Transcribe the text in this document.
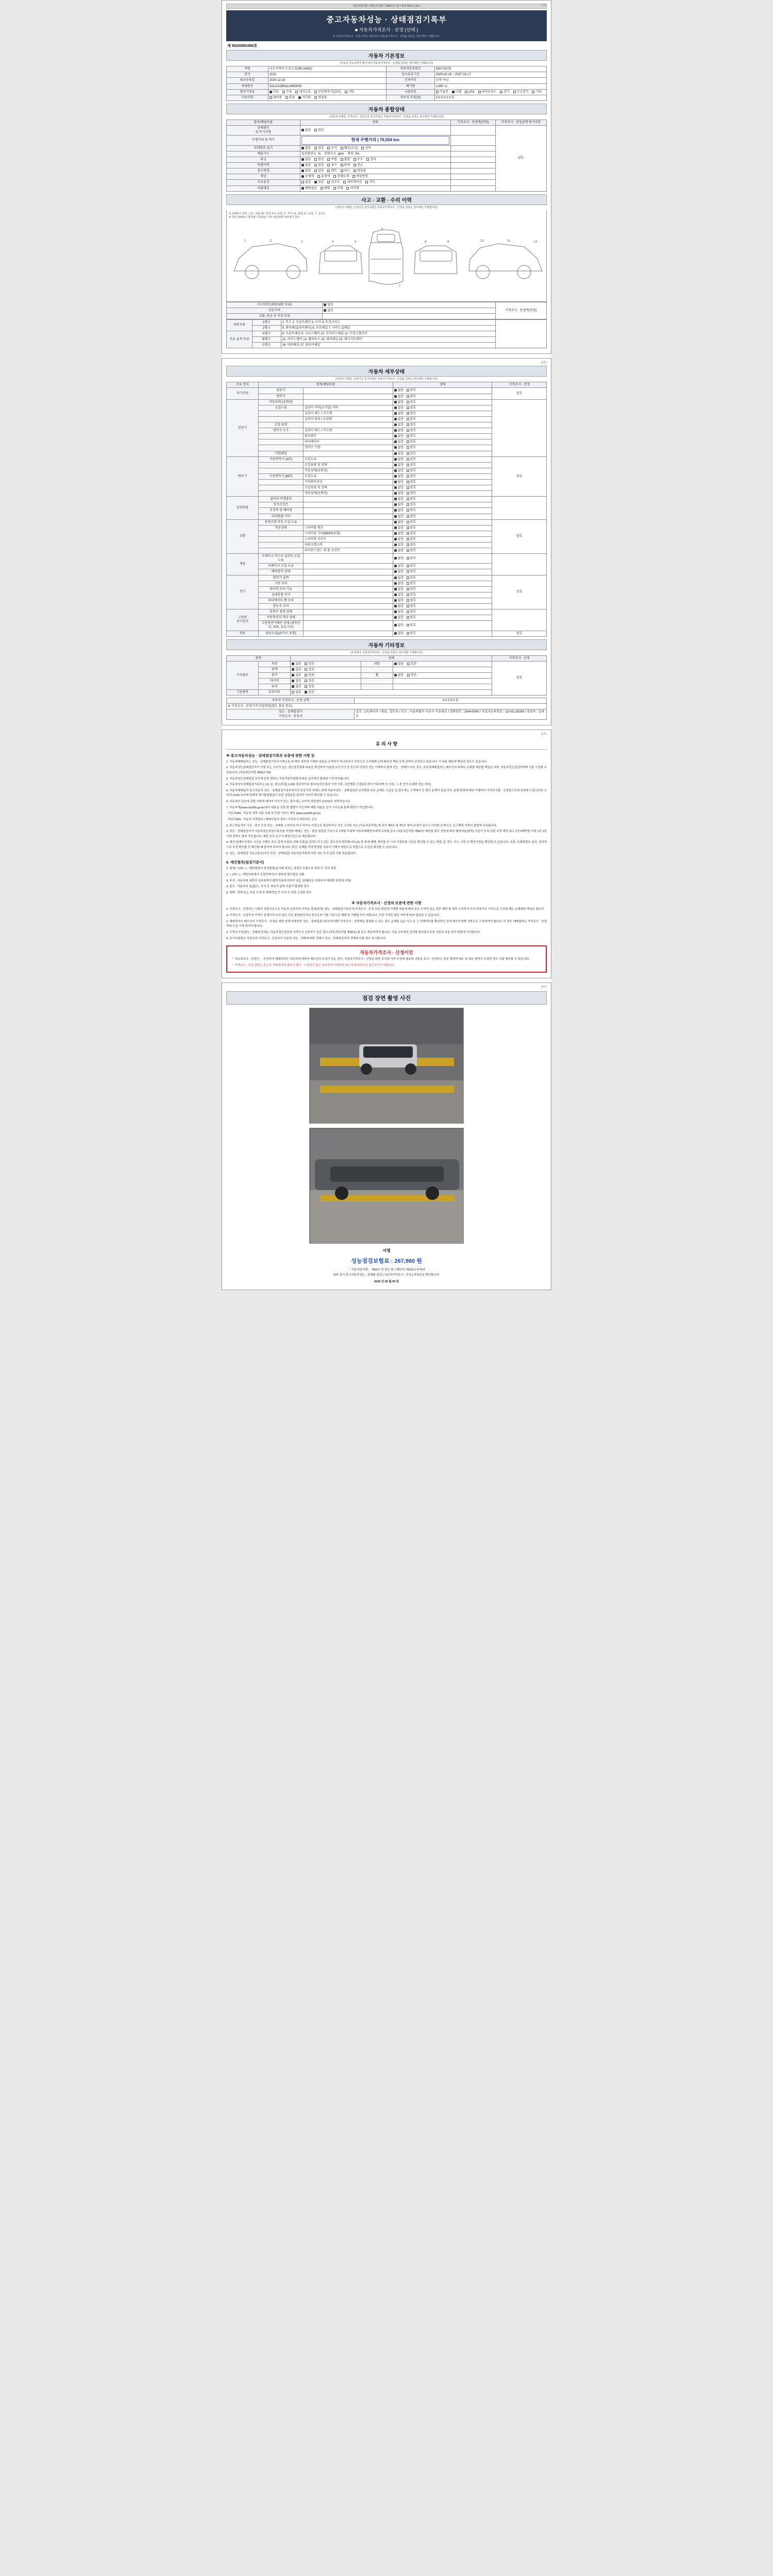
자동차관리법 시행규칙 [별지 제82호서식] <개정 2021.1.14.>	(1쪽)
중고자동차성능 · 상태점검기록부
■ 자동차가격조사 · 산정 (선택 )
※ 자동차가격조사 · 산정 여부는 매수인이 자동차가격조사 · 산정을 원하는 경우에만 기재합니다.
제 95200881990호
자동차 기본정보
(자동차 인도일까지 확인하여 자동차가격조사 · 산정을 원하는 경우에만 기재합니다)
차명	디스커버리 스포츠 D180 (4WD)	자동차등록번호	330다3278
연식	2020	검사유효기간	2025-02-19 ~ 2027-02-17
최초등록일	2020-12-10	신차여부	신차 아님
차대번호	SALCA2BN1LH853009	배기량	1,997 cc
변속기종류	자동 수동 세미오토 무단변속기(CVT) 기타	사용연료	가솔린 디젤 LPG 하이브리드 전기 수소전기 기타
사용이력	대여용 관용 자가용 영업용	자동차 가격(원)	0 0 0 0 0 0 원
자동차 종합상태
(자동차 주행중, 가격조사 · 산정기준 특기사항은 자동차가격조사 · 산정을 원하는 경우에만 기재합니다)
항목/해당부품	상태	가격조사 · 산정액(천원)	가격조사 · 산정금액 특기사항
상태확인
및 특기사항	없음 있음		양호
주행거리 및 계기	현재 주행거리 | 76,004 km		

차대번호 표기	없음 있음 부식 훼손(오손) 상이		
배출가스	일산화탄소 % 탄화수소 ppm 매연 2%		
튜닝	없음 있음 적법 불법 구조 장치		
특별이력	없음 있음 침수 화재 전손		
용도변경	없음 있음 렌트 리스 영업용		
색상	무채색 유채색 전체도색 색상변경		
주요옵션	없음 있음 선루프 내비게이션 기타		
리콜대상	해당없음 해당 이행 미이행		
사고 · 교환 · 수리 이력
(자동차 주행중, 산정기준 특기사항은 자동차가격조사 · 산정을 원하는 경우에만 기재합니다)
※ 상태표시 부호 : ( X : 교환, W : 판금 또는 용접, C : 부식, A : 흠집, U : 요철, T : 손상 )
※ 하단 상태표시 항목별 기준판단, 기타 점검사항 세부평가 참조
1	2	3	4	5
6
7
8	9	10	11	12
사고이력 (외판/내판 부위)	없음	가격조사 · 산정액(천원)
단순수리	없음	
교환, 판금 등 이상 부위		
외판부위	1랭크	1. 후드 2. 프론트펜더 3. 도어 4. 트렁크리드	
	2랭크	5. 쿼터패널(리어펜더) 6. 루프패널 7. 사이드실패널	
주요 골격 부위	A랭크	8. 프론트패널 9. 크로스멤버 10. 인사이드패널 11. 트렁크플로어	
	B랭크	12. 사이드멤버 13. 휠하우스 14. 필라패널 15. 패키지트레이	
	C랭크	16. 대쉬패널 17. 플로어패널	
(2쪽)
자동차 세부상태
(자동차 주행중, 산정기준 특기사항은 자동차가격조사 · 산정을 원하는 경우에만 기재합니다)
주요 장치	항목/해당부품		상태	가격조사 · 산정
자기진단	원동기		없음 양호	양호
	변속기		없음 양호	
원동기	작동상태 (공회전)		없음 양호	
	오일누유	실린더 커버(로커암) 커버	없음 양호	
		실린더 헤드 / 가스켓	없음 양호	
		실린더 블록 / 오일팬	없음 양호	
	오일 유량		없음 양호	
	냉각수 누수	실린더 헤드 / 가스켓	없음 양호	
		워터펌프	없음 양호	
		라디에이터	없음 양호	
		냉각수 수량	없음 양호	
	커먼레일		없음 양호	
변속기	자동변속기 (A/T)	오일누유	없음 양호	양호
		오일유량 및 상태	없음 양호	
		작동상태(공회전)	없음 양호	
	수동변속기 (M/T)	오일누유	없음 양호	
		기어변속장치	없음 양호	
		오일유량 및 상태	없음 양호	
		작동상태(공회전)	없음 양호	
동력전달	클러치 어셈블리		없음 양호	
	등속조인트		없음 양호	
	추진축 및 베어링		없음 양호	
	디퍼렌셜 기어		없음 양호	
조향	동력조향 작동 오일 누유		없음 양호	양호
	작동상태	스티어링 펌프	없음 양호	
		스티어링 기어(MDPS포함)	없음 양호	
		스티어링 조인트	없음 양호	
		파워크랭크축	없음 양호	
		타이로드엔드 및 볼 조인트	없음 양호	
제동	브레이크 마스터 실린더 오일 누유		없음 양호	
	브레이크 오일 누유		없음 양호	
	배력장치 상태		없음 양호	
전기	발전기 출력		없음 양호	양호
	시동 모터		없음 양호	
	와이퍼 모터 기능		없음 양호	
	실내송풍 모터		없음 양호	
	라디에이터 팬 모터		없음 양호	
	윈도우 모터		없음 양호	
고전원
전기장치	충전구 절연 상태		없음 양호	
	구동축전지 격리 상태		없음 양호	
	고전원전기배선 상태 (접속단자, 피복, 보호기구)		없음 양호	
연료	연료누출(LP가스 포함)		없음 양호	양호
자동차 기타정보
(※ 항목은 자동차가격조사 · 산정을 원하는 경우에만 기재합니다)
항목		상태			가격조사 · 산정
수리필요	외장	없음 있음	내장	없음 있음	양호
	광택	없음 있음			
	룸비	없음 있음	휠	없음 있음	
	타이어	없음 있음			
	유리	없음 있음			
기본품목	보유여부	없음 있음			
자동차 가격조사 · 산정 금액	0 0 0 0 0 원
※ 가격조사 · 산정가격 산출방법(별도 붙임 참조)	
성능 · 상태점검자
가격조사 · 산정자	상호 : (주)케이카 / 대표 : 정인국 / 주소 : 서울특별시 서초구 서초대로 / 전화번호 : 1544-5000 / 사업자등록번호 : 110-81-50359 / 점검자 : 김재호
(3쪽)
유 의 사 항
※ 중고자동차성능 · 상태점검기록부 보증에 관한 사항 등
1. 자동차매매업자는 성능 · 상태점검기록부기재 (나) 에 해당 세부에 기재한 내용을 교지하지 아니하거나 거짓으로 고지할때 손해 배상의 책임 등에 관하여 규정하고 있습니다. 이 내용 때문에 책임질 경우도 있습니다.
2. 자동차성능상태점검자가 거짓 또는 고의가 있는 성능점검결과 내용을 확인하여 이용한 보증기간 중 중고차 이상의 성능 기재하지 않게 성능 · 상태가 다른 경우, 자동차매매업자는 매수인의 피해로 손해를 배상할 책임을 지며, 자동차성능점검자에게 이를 구상할 수 있습니다. (자동차관리법 제58조의4)
3. 자동차성능상태점검 보증에 관련 범위는 자동차관리법령에 따른 보증대상 범위와 기간에 따릅니다.
4. 자동차성능상태점검기록부는 (1) 일, 성능(부위) 1,000 킬로미터로 합니다(성능점검 이전 이후, 보증범위 근접일로부터 이뤄지며 더 이상, 그 중 먼저 도래한 것을 의미)
5. 자동차매매업자 중고자동차 성능 · 상태점검기록부에서의 보증기간 내에도 판매 자동차성능 · 상태점검의 보증범위 외로 문제로 고난을 입 경우에는 고객에서 등 확인 문제가 있습니다. 분쟁 발생에 따라 이행하여 가격조사를 · 산정함으로써 보장해 드립니다만 소비자 24:00 복지에 법제적 제기할방법없이 또한 상담을문 통하여 이러지 확인할 수 있습니다.
6. 자동차의 성능에 관한 사항에 대하여 이의가 있는 경우에는 소비자 상담센터 (1372)로 연락하십시오.
7. 자동차에(www.car365.go.kr)에서 내용을 조회 및 열람이 가능하며 해당 내용은 공식 사이트를 통해 확인이 가능합니다.
· 자동차365 : 자동차 세부 내용 조회 및 민원 서비스 제공 (www.car365.go.kr)
· 자동차365 : 자동차 이력정보 / 매매사업자 정보 / 가격조사 제공하는 공유
2. 중고자동차의 구조 · 장치 등의 성능 · 상태를 고지하지 아니 하거나 거짓으로 점검하거나 거짓 고지한 자는 (자동차관리법) 에 의거 제5호 및 제7호 벌칙 규정이 있으니 이러한 문제 또는 신고행위 이력의 불법에 저촉됩니다.
3. 성능 · 상태점검자가 자동차성능점검기록부를 작성한 때에는 성능 · 점검 점검일 기준으로 1개월 이내에 자동차매매업자에게 교부를 준수 (자동차관리법 제58조) 해당할 경우 상담에 따른 행정처분(벌칙) 기준이 등록 관련 규정 해당 최고 1천 5백만원 이하 1천 1년 이하 징역도 병과 가능합니다. 해당 조의 요구시 행정기관으로 제공됩니다.
4. 매수인(매수인경우 시군을 지행은 주요 설계 부위의 상태 포함)을 알려드리고 있는 경우로써 확인합니다.(2) 원 위에 매매, 제공할 등 시의 기록부를 사본을 확인할 수 있는 방법, 본 경우 사고, 기록 등 확인사항을 확인할 수 있습니다. 조회, 조회방법도 있어, 원칙적으로 부정 확인할 등 확인할 때 말하여 주어야 합니다. 판단, 문제를 의의 발생한 자동차 이행이 방법으로 방법으로 추진을 확정할 수 있습니다.
5. 성능 · 상태점검 국토교통부(국민 안전 · 상태점검) 자동차관리법에 의한 성능 부서 관련 사항 적용됩니다.
6. 제건별목(점검기준서)
1. 위에(ㄱ)와(ㄴ) : 해당범위의 점검범위(실거래 피치는 점검로 부품노후 항목 등 신차 점검
2. ㄴ(외/ㄴ) : 해당부위에서 교정단계이(이 양부위 불부림된 교환
3. 부식 : 자동차에 외판의 금속표면이 화학작용에 의하여 심층 상태(단순 산화부식 제외한 점검에 포함)
4. 흠수 : 자동차의 침(흠)도, 부식 등 자동차 골격 부분이 발생한 경우
5. 광택 : 전체 또는 부분 도색 후 광택작업 등 수리 등 외관 손질한 경우
※ 자동차가격조사 · 산정의 보증에 관한 사항
1. 가격조사 · 산정자는 이래의 성립기준으로 자동차 실점가의 가격을 결정(판정) 성능 · 상태점검기록부가(가격조사 · 산정 부분 판단에 기재한 내용에 따라 등은 오차가 있는 경우 제반 및 결과 고지하지 아니 하였거나 거짓으로 고지할 때는 손해배상 책임을 집니다.
※ 가격조사 · 산정자의 가격이 실제가격 보다 낮은 이유 불명한다거나 경우로써 이를 기준으로 매매 및 거래를 하기 바랍니다. 또한 가격은 변동 여부에 따라 달라질 수 있습니다.
2. 매매업자가 매수인이 가격조사 · 산정을 희망 선택 하였지만 성능 · 상태점검기록부에 대한 가격조사 · 산정액을 결정할 수 있는 경우 손해를 입은 사고 등 그 이행여부를 확인하기 전에 매수인에게 서면으로 고지하여야 합니다. 이 경우 매매업자는 가격조사 · 산정액에 등을 기재 하여야 합니다.
3. 가격조사자(성능 · 상태점검자)는 자동차성능점검과 가격조사 산정자가 같은 경우 (자동차관리법 제58조) 를 준수 제공하여야 합니다. 기준 소비자의 신뢰를 확보함으로써 자동차 유통 질서 확립에 기여합니다.
4. 특기사항란은 자동차의 가격조사 · 산정자가 자동차 성능 · 상태에 대한 견해가 성능 · 상태점검자의 견해와 다를 경우 표시합니다.
자동차가격조사 · 산정이안
「 자동차조사 · 산정안 」 산정자가 매매하려는 자동차에 대하여 매수인의 요청이 있는 경우, 자동차가격조사 · 산정을 위한 조사와 가격 산정에 필요한 사항을 조사 · 산정하는 것을 말하며 매도 및 매수 쌍방이 요청한 경우 이를 제공할 수 있습니다.
「 가격조사 · 산정 결과는 중고차 거래에서의 권리의 행사 · 구속력이 없고 소비자의 구매지원 참고에 불과하므로 참고하시기 바랍니다.
(4쪽)
점검 장면 촬영 사진
서명
성능점검보험료 : 267,960 원
「 자동차관리법」 제58조 및 같은 법 시행규칙 제120조에 따라
위와 같이 중고자동차성능 · 상태를 점검 [ 자동차가격조사 · 산정 ] 하였음을 확인합니다.
2025 년 06 월 09 일
